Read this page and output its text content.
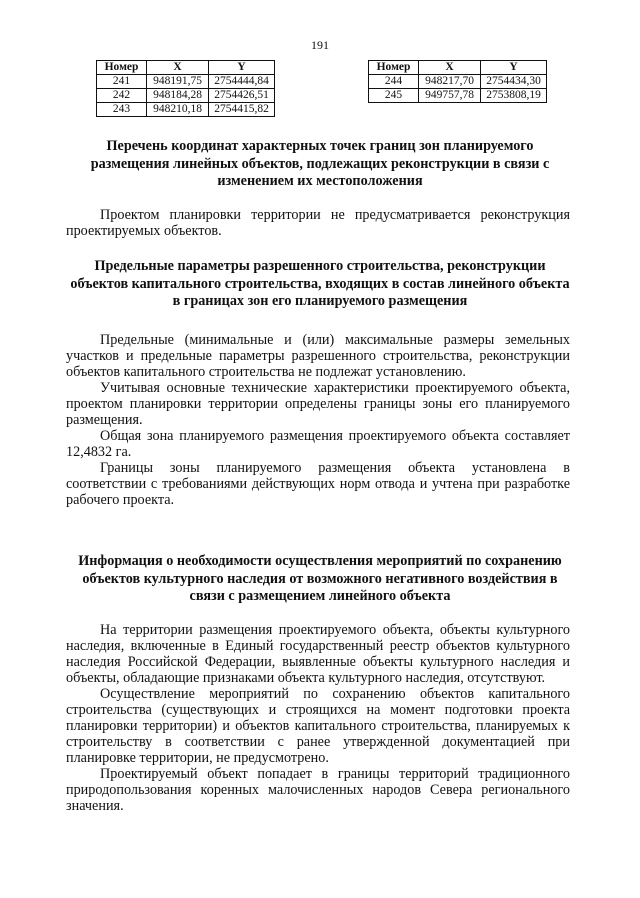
191
Номер	X	Y
241	948191,75	2754444,84
242	948184,28	2754426,51
243	948210,18	2754415,82
Номер	X	Y
244	948217,70	2754434,30
245	949757,78	2753808,19
Перечень координат характерных точек границ зон планируемого размещения линейных объектов, подлежащих реконструкции в связи с изменением их местоположения

Проектом планировки территории не предусматривается реконструкция проектируемых объектов.

Предельные параметры разрешенного строительства, реконструкции объектов капитального строительства, входящих в состав линейного объекта в границах зон его планируемого размещения

Предельные (минимальные и (или) максимальные размеры земельных участков и предельные параметры разрешенного строительства, реконструкции объектов капитального строительства не подлежат установлению.

Учитывая основные технические характеристики проектируемого объекта, проектом планировки территории определены границы зоны его планируемого размещения.

Общая зона планируемого размещения проектируемого объекта составляет 12,4832 га.

Границы зоны планируемого размещения объекта установлена в соответствии с требованиями действующих норм отвода и учтена при разработке рабочего проекта.

Информация о необходимости осуществления мероприятий по сохранению объектов культурного наследия от возможного негативного воздействия в связи с размещением линейного объекта

На территории размещения проектируемого объекта, объекты культурного наследия, включенные в Единый государственный реестр объектов культурного наследия Российской Федерации, выявленные объекты культурного наследия и объекты, обладающие признаками объекта культурного наследия, отсутствуют.

Осуществление мероприятий по сохранению объектов капитального строительства (существующих и строящихся на момент подготовки проекта планировки территории) и объектов капитального строительства, планируемых к строительству в соответствии с ранее утвержденной документацией при планировке территории, не предусмотрено.

Проектируемый объект попадает в границы территорий традиционного природопользования коренных малочисленных народов Севера регионального значения.
